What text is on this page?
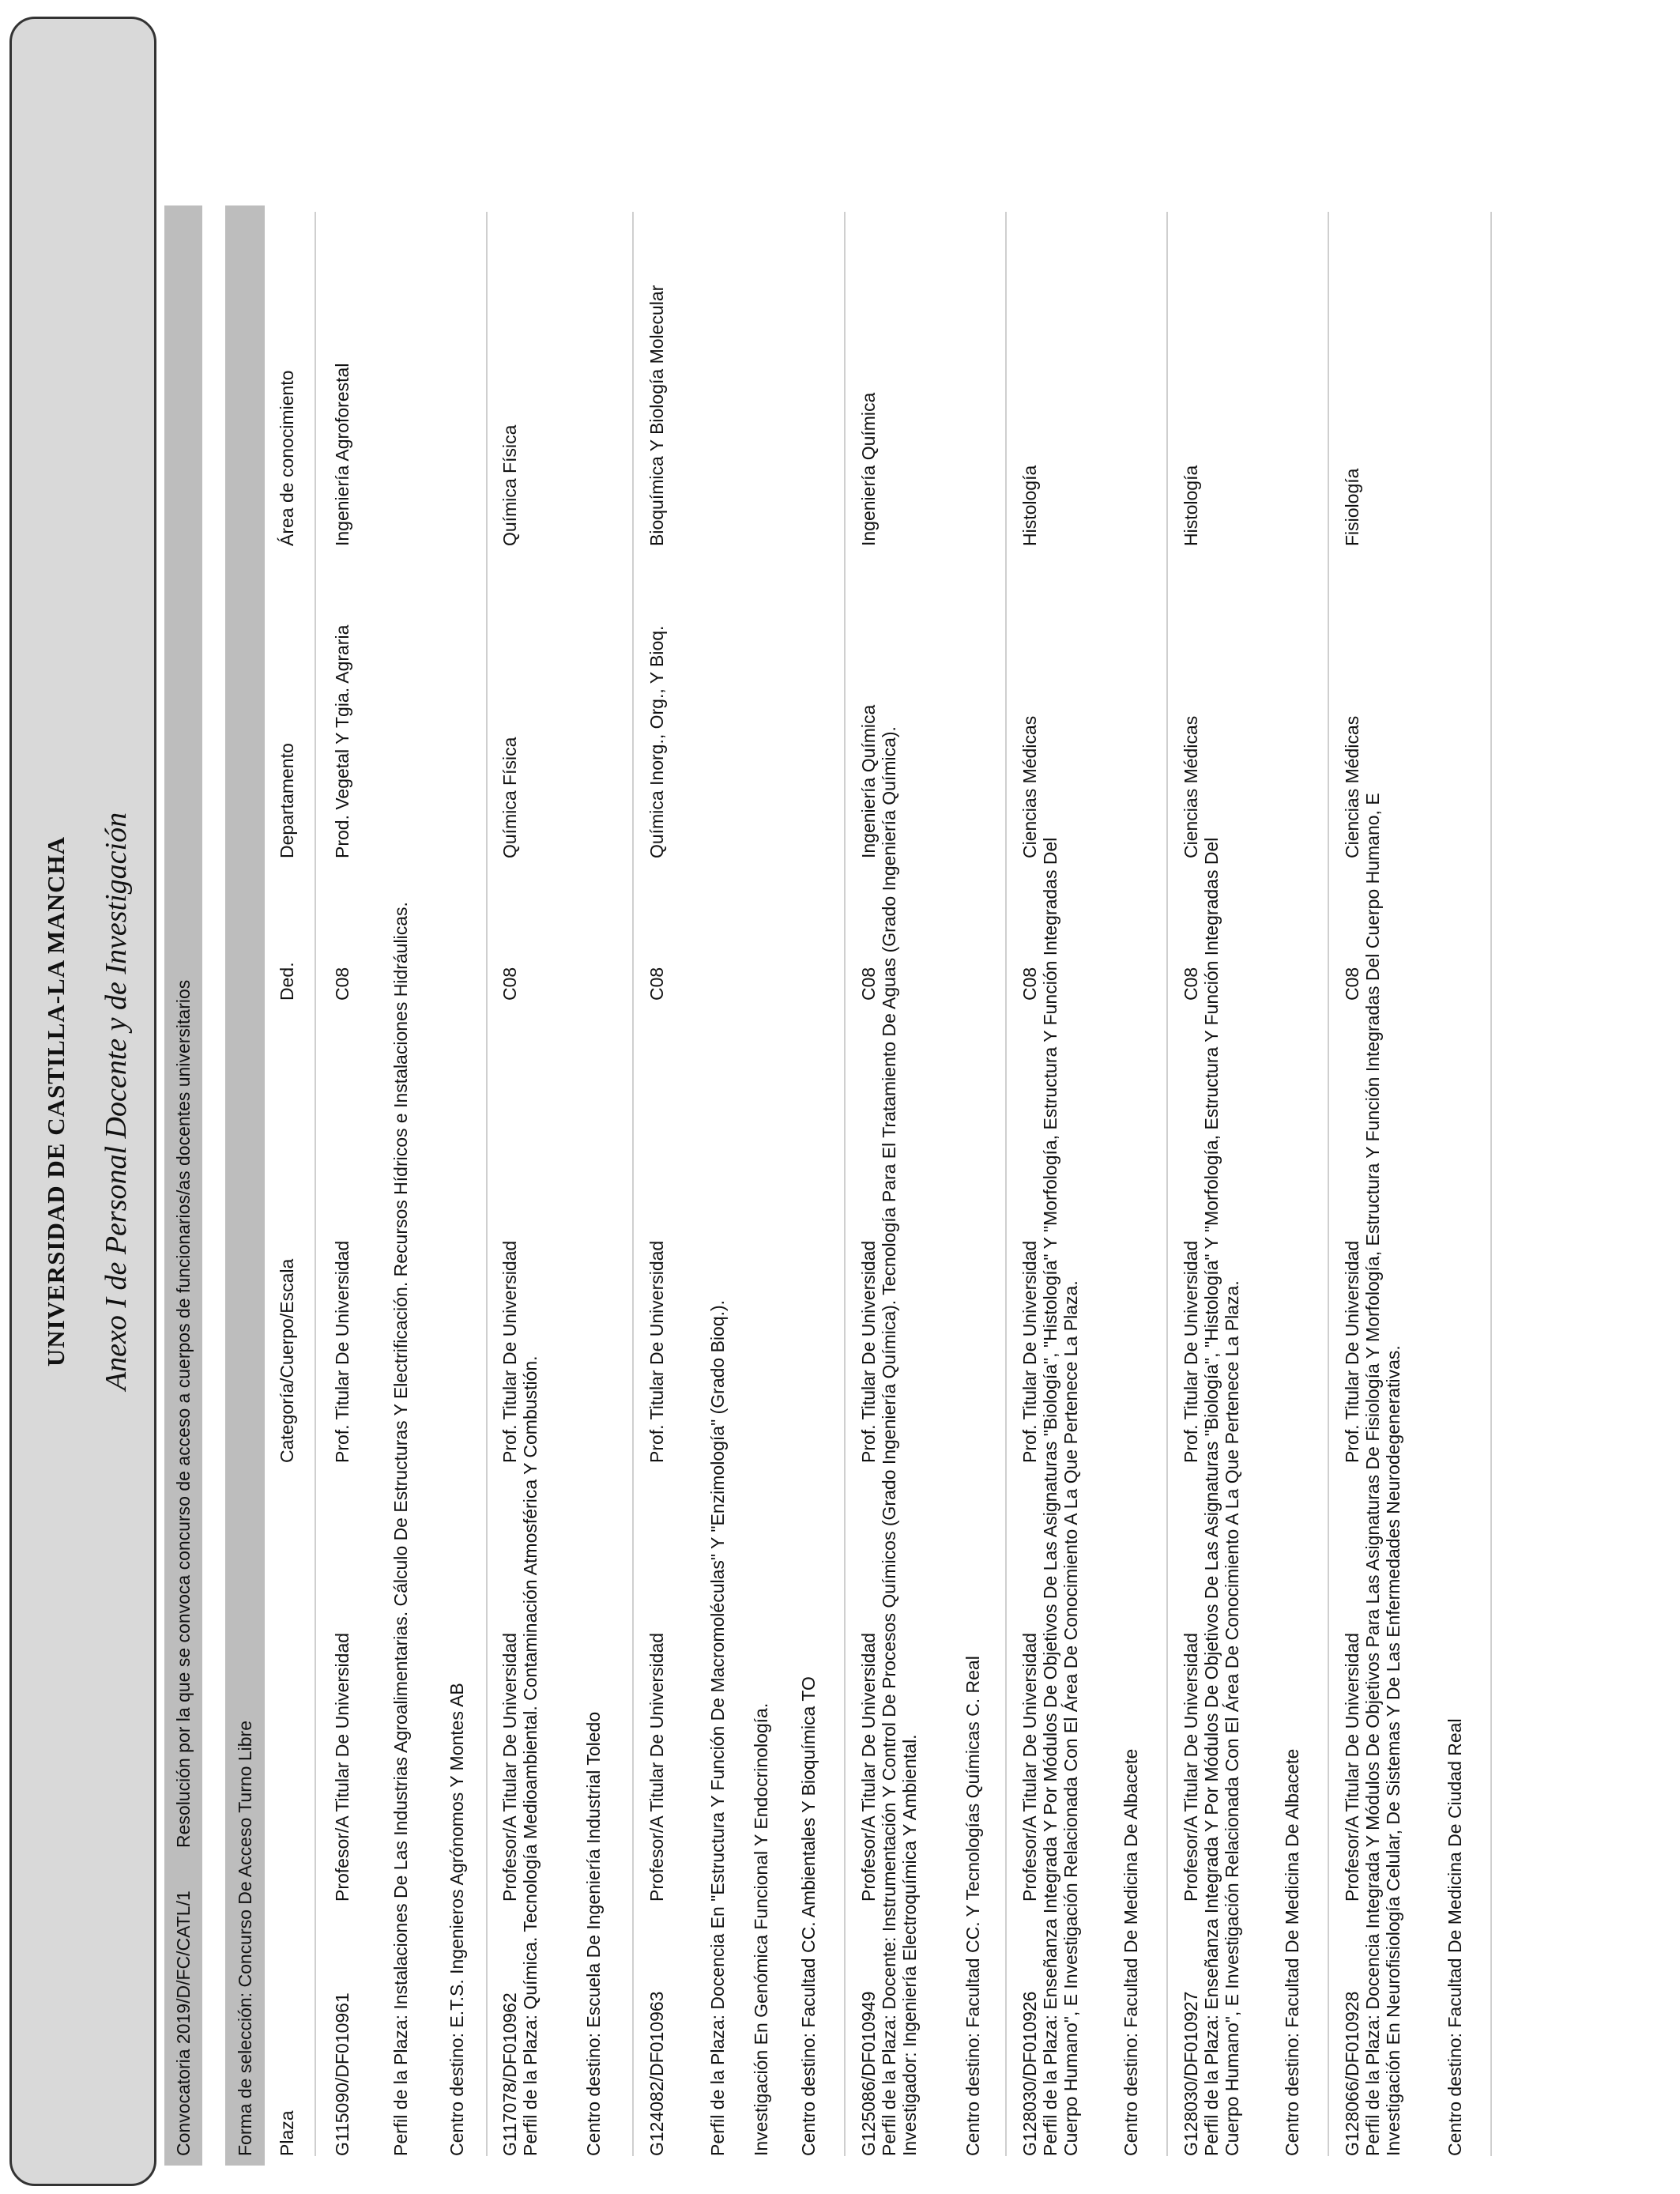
UNIVERSIDAD DE CASTILLA-LA MANCHA Anexo I de Personal Docente y de Investigación
Convocatoria 2019/D/FC/CATL/1Resolución por la que se convoca concurso de acceso a cuerpos de funcionarios/as docentes universitarios
Forma de selección: Concurso De Acceso Turno Libre	Plaza
Categoría/Cuerpo/Escala
Ded.
Departamento
Área de conocimiento
G115090/DF010961
Profesor/A Titular De Universidad
Prof. Titular De Universidad
C08
Prod. Vegetal Y Tgia. Agraria
Ingeniería Agroforestal
Perfil de la Plaza: Instalaciones De Las Industrias Agroalimentarias. Cálculo De Estructuras Y Electrificación. Recursos Hídricos e Instalaciones Hidráulicas. Centro destino: E.T.S. Ingenieros Agrónomos Y Montes AB G117078/DF010962
Profesor/A Titular De Universidad
Prof. Titular De Universidad
C08
Química Física
Química Física
Perfil de la Plaza: Química. Tecnología Medioambiental. Contaminación Atmosférica Y Combustión. Centro destino: Escuela De Ingeniería Industrial Toledo G124082/DF010963
Profesor/A Titular De Universidad
Prof. Titular De Universidad
C08
Química Inorg., Org., Y Bioq.
Bioquímica Y Biología Molecular
Perfil de la Plaza: Docencia En "Estructura Y Función De Macromoléculas" Y "Enzimología" (Grado Bioq.). Investigación En Genómica Funcional Y Endocrinología. Centro destino: Facultad CC. Ambientales Y Bioquímica TO G125086/DF010949
Profesor/A Titular De Universidad
Prof. Titular De Universidad
C08
Ingeniería Química
Ingeniería Química
Perfil de la Plaza: Docente: Instrumentación Y Control De Procesos Químicos (Grado Ingeniería Química). Tecnología Para El Tratamiento De Aguas (Grado Ingeniería Química). Investigador: Ingeniería Electroquímica Y Ambiental. Centro destino: Facultad CC. Y Tecnologías Químicas C. Real G128030/DF010926
Profesor/A Titular De Universidad
Prof. Titular De Universidad
C08
Ciencias Médicas
Histología
Perfil de la Plaza: Enseñanza Integrada Y Por Módulos De Objetivos De Las Asignaturas "Biología", "Histología" Y "Morfología, Estructura Y Función Integradas Del Cuerpo Humano", E Investigación Relacionada Con El Área De Conocimiento A La Que Pertenece La Plaza. Centro destino: Facultad De Medicina De Albacete G128030/DF010927
Profesor/A Titular De Universidad
Prof. Titular De Universidad
C08
Ciencias Médicas
Histología
Perfil de la Plaza: Enseñanza Integrada Y Por Módulos De Objetivos De Las Asignaturas "Biología", "Histología" Y "Morfología, Estructura Y Función Integradas Del Cuerpo Humano", E Investigación Relacionada Con El Área De Conocimiento A La Que Pertenece La Plaza. Centro destino: Facultad De Medicina De Albacete G128066/DF010928
Profesor/A Titular De Universidad
Prof. Titular De Universidad
C08
Ciencias Médicas
Fisiología
Perfil de la Plaza: Docencia Integrada Y Módulos De Objetivos Para Las Asignaturas De Fisiología Y Morfología, Estructura Y Función Integradas Del Cuerpo Humano, E Investigación En Neurofisiología Celular, De Sistemas Y De Las Enfermedades Neurodegenerativas. Centro destino: Facultad De Medicina De Ciudad Real
